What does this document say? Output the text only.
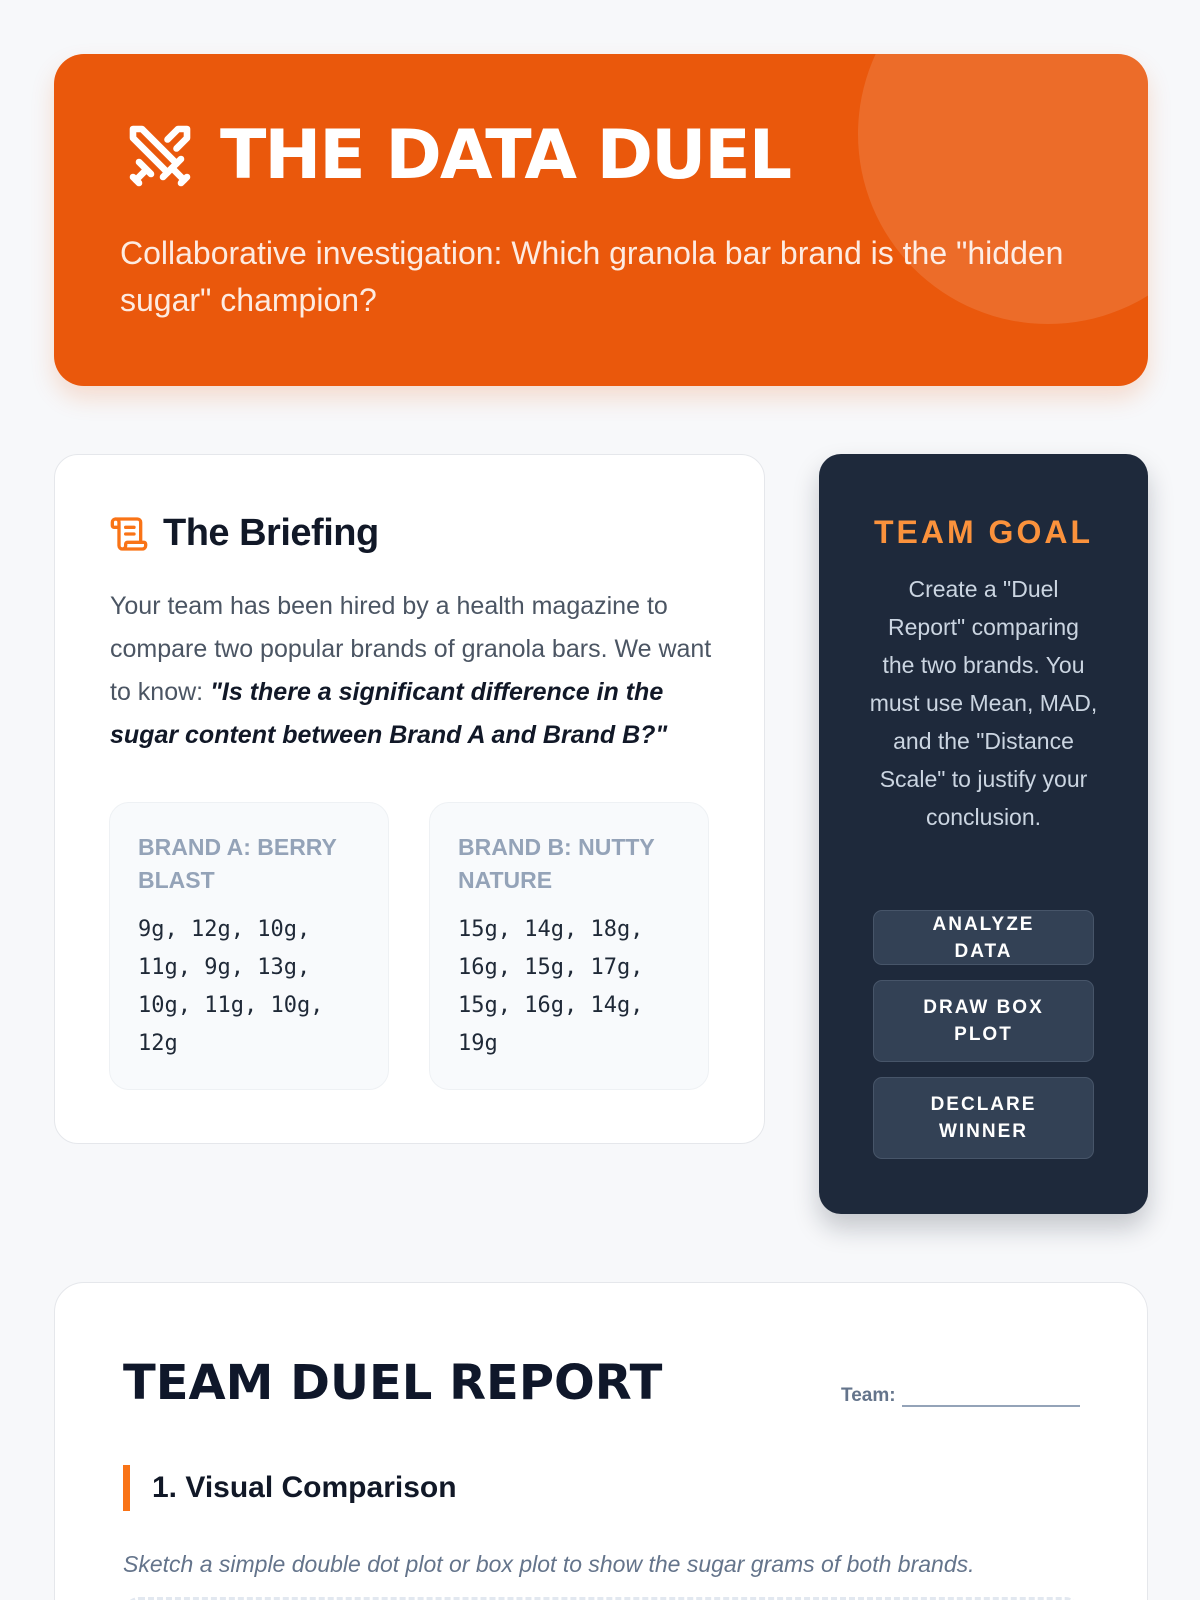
THE DATA DUEL

Collaborative investigation: Which granola bar brand is the "hidden sugar" champion?

The Briefing

Your team has been hired by a health magazine to compare two popular brands of granola bars. We want to know: "Is there a significant difference in the sugar content between Brand A and Brand B?"

BRAND A: BERRY BLAST
9g, 12g, 10g, 11g, 9g, 13g, 10g, 11g, 10g, 12g
BRAND B: NUTTY NATURE
15g, 14g, 18g, 16g, 15g, 17g, 15g, 16g, 14g, 19g
TEAM GOAL

Create a "Duel Report" comparing the two brands. You must use Mean, MAD, and the "Distance Scale" to justify your conclusion.

ANALYZE DATA
DRAW BOX PLOT
DECLARE WINNER
TEAM DUEL REPORT	Team:
1. Visual Comparison

Sketch a simple double dot plot or box plot to show the sugar grams of both brands.
